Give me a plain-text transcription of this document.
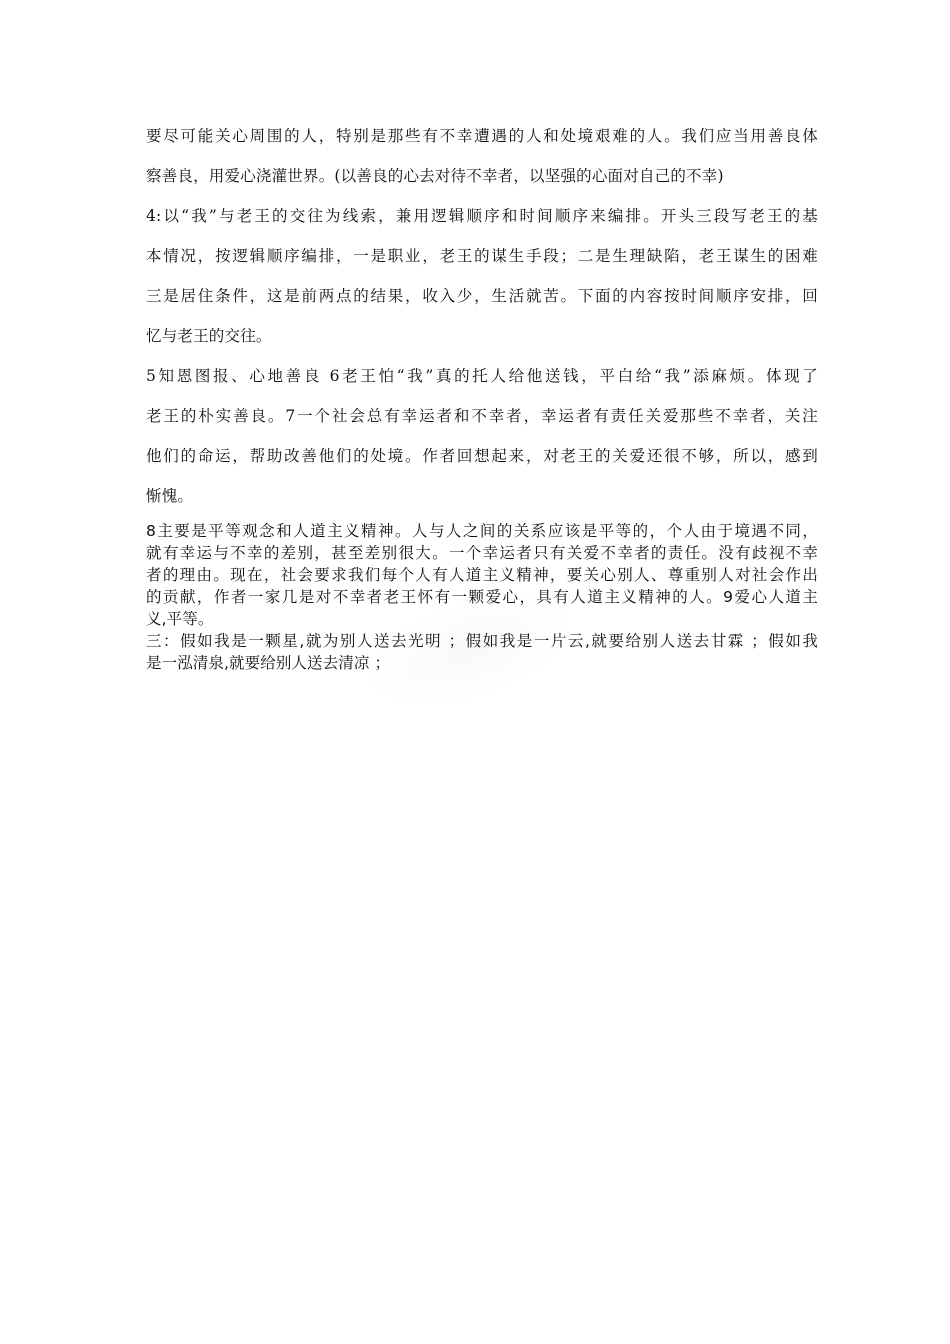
要尽可能关心周围的人，特别是那些有不幸遭遇的人和处境艰难的人。我们应当用善良体
察善良，用爱心浇灌世界。(以善良的心去对待不幸者，以坚强的心面对自己的不幸)
4:以“我”与老王的交往为线索，兼用逻辑顺序和时间顺序来编排。开头三段写老王的基
本情况，按逻辑顺序编排，一是职业，老王的谋生手段；二是生理缺陷，老王谋生的困难
三是居住条件，这是前两点的结果，收入少，生活就苦。下面的内容按时间顺序安排，回
忆与老王的交往。
5知恩图报、心地善良 6老王怕“我”真的托人给他送钱，平白给“我”添麻烦。体现了
老王的朴实善良。7一个社会总有幸运者和不幸者，幸运者有责任关爱那些不幸者，关注
他们的命运，帮助改善他们的处境。作者回想起来，对老王的关爱还很不够，所以，感到
惭愧。
8主要是平等观念和人道主义精神。人与人之间的关系应该是平等的，个人由于境遇不同，
就有幸运与不幸的差别，甚至差别很大。一个幸运者只有关爱不幸者的责任。没有歧视不幸
者的理由。现在，社会要求我们每个人有人道主义精神，要关心别人、尊重别人对社会作出
的贡献，作者一家几是对不幸者老王怀有一颗爱心，具有人道主义精神的人。9爱心人道主
义,平等。
三：假如我是一颗星,就为别人送去光明 ；假如我是一片云,就要给别人送去甘霖 ；假如我
是一泓清泉,就要给别人送去清凉 ；
